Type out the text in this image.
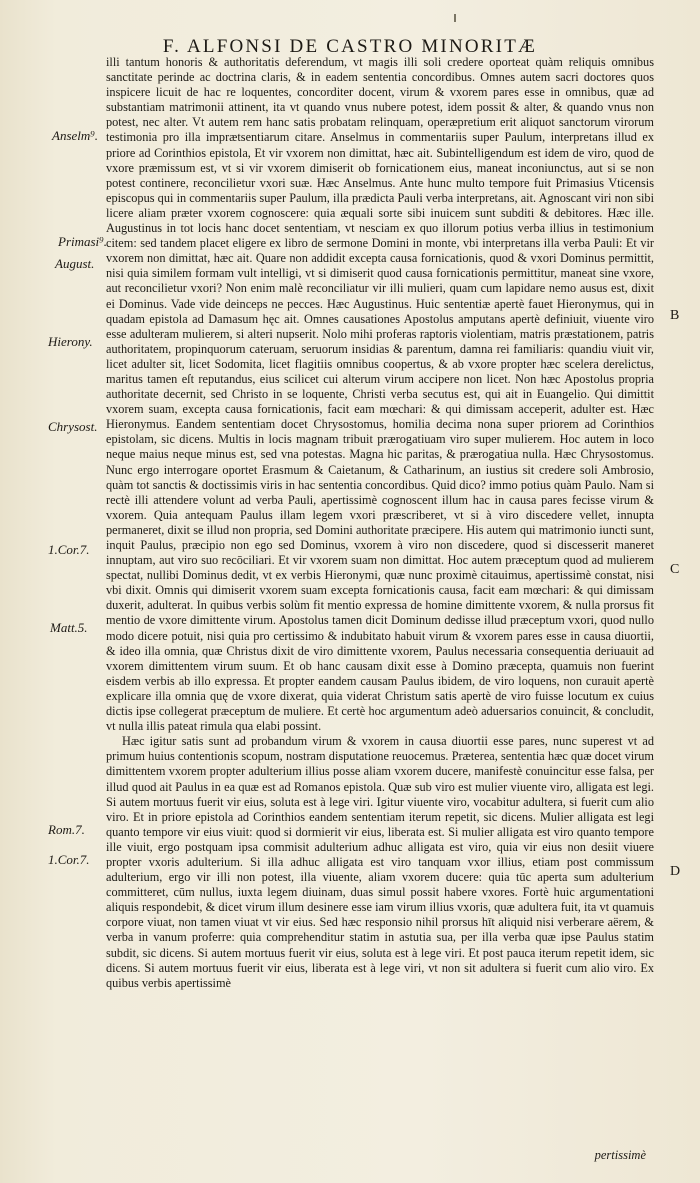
F. ALFONSI DE CASTRO MINORITÆ

illi tantum honoris & authoritatis deferendum, vt magis illi soli credere oporteat quàm reliquis omnibus sanctitate perinde ac doctrina claris, & in eadem sententia concordibus. Omnes autem sacri doctores quos inspicere licuit de hac re loquentes, concorditer docent, virum & vxorem pares esse in omnibus, quæ ad substantiam matrimonii attinent, ita vt quando vnus nubere potest, idem possit & alter, & quando vnus non potest, nec alter. Vt autem rem hanc satis probatam relinquam, operæpretium erit aliquot sanctorum virorum testimonia pro illa imprætsentiarum citare. Anselmus in commentariis super Paulum, interpretans illud ex priore ad Corinthios epistola, Et vir vxorem non dimittat, hæc ait. Subintelligendum est idem de viro, quod de vxore præmissum est, vt si vir vxorem dimiserit ob fornicationem eius, maneat inconiunctus, aut si se non potest continere, reconcilietur vxori suæ. Hæc Anselmus. Ante hunc multo tempore fuit Primasius Vticensis episcopus qui in commentariis super Paulum, illa prædicta Pauli verba interpretans, ait. Agnoscant viri non sibi licere aliam præter vxorem cognoscere: quia æquali sorte sibi inuicem sunt subditi & debitores. Hæc ille. Augustinus in tot locis hanc docet sententiam, vt nesciam ex quo illorum potius verba illius in testimonium citem: sed tandem placet eligere ex libro de sermone Domini in monte, vbi interpretans illa verba Pauli: Et vir vxorem non dimittat, hæc ait. Quare non addidit excepta causa fornicationis, quod & vxori Dominus permittit, nisi quia similem formam vult intelligi, vt si dimiserit quod causa fornicationis permittitur, maneat sine vxore, aut reconcilietur vxori? Non enim malè reconciliatur vir illi mulieri, quam cum lapidare nemo ausus est, dixit ei Dominus. Vade vide deinceps ne pecces. Hæc Augustinus. Huic sententiæ apertè fauet Hieronymus, qui in quadam epistola ad Damasum hęc ait. Omnes causationes Apostolus amputans apertè definiuit, viuente viro esse adulteram mulierem, si alteri nupserit. Nolo mihi proferas raptoris violentiam, matris præstationem, patris authoritatem, propinquorum cateruam, seruorum insidias & parentum, damna rei familiaris: quandiu viuit vir, licet adulter sit, licet Sodomita, licet flagitiis omnibus coopertus, & ab vxore propter hæc scelera derelictus, maritus tamen eſt reputandus, eius scilicet cui alterum virum accipere non licet. Non hæc Apostolus propria authoritate decernit, sed Christo in se loquente, Christi verba secutus est, qui ait in Euangelio. Qui dimittit vxorem suam, excepta causa fornicationis, facit eam mœchari: & qui dimissam acceperit, adulter est. Hæc Hieronymus. Eandem sententiam docet Chrysostomus, homilia decima nona super priorem ad Corinthios epistolam, sic dicens. Multis in locis magnam tribuit prærogatiuam viro super mulierem. Hoc autem in loco neque maius neque minus est, sed vna potestas. Magna hic paritas, & prærogatiua nulla. Hæc Chrysostomus. Nunc ergo interrogare oportet Erasmum & Caietanum, & Catharinum, an iustius sit credere soli Ambrosio, quàm tot sanctis & doctissimis viris in hac sententia concordibus. Quid dico? immo potius quàm Paulo. Nam si rectè illi attendere volunt ad verba Pauli, apertissimè cognoscent illum hac in causa pares fecisse virum & vxorem. Quia antequam Paulus illam legem vxori præscriberet, vt si à viro discedere vellet, innupta permaneret, dixit se illud non propria, sed Domini authoritate præcipere. His autem qui matrimonio iuncti sunt, inquit Paulus, præcipio non ego sed Dominus, vxorem à viro non discedere, quod si discesserit maneret innuptam, aut viro suo recōciliari. Et vir vxorem suam non dimittat. Hoc autem præceptum quod ad mulierem spectat, nullibi Dominus dedit, vt ex verbis Hieronymi, quæ nunc proximè citauimus, apertissimè constat, nisi vbi dixit. Omnis qui dimiserit vxorem suam excepta fornicationis causa, facit eam mœchari: & qui dimissam duxerit, adulterat. In quibus verbis solùm fit mentio expressa de homine dimittente vxorem, & nulla prorsus fit mentio de vxore dimittente virum. Apostolus tamen dicit Dominum dedisse illud præceptum vxori, quod nullo modo dicere potuit, nisi quia pro certissimo & indubitato habuit virum & vxorem pares esse in causa diuortii, & ideo illa omnia, quæ Christus dixit de viro dimittente vxorem, Paulus necessaria consequentia deriuauit ad vxorem dimittentem virum suum. Et ob hanc causam dixit esse à Domino præcepta, quamuis non fuerint eisdem verbis ab illo expressa. Et propter eandem causam Paulus ibidem, de viro loquens, non curauit apertè explicare illa omnia quę de vxore dixerat, quia viderat Christum satis apertè de viro fuisse locutum ex cuius dictis ipse collegerat præceptum de muliere. Et certè hoc argumentum adeò aduersarios conuincit, & concludit, vt nulla illis pateat rimula qua elabi possint.

Hæc igitur satis sunt ad probandum virum & vxorem in causa diuortii esse pares, nunc superest vt ad primum huius contentionis scopum, nostram disputatione reuocemus. Præterea, sententia hæc quæ docet virum dimittentem vxorem propter adulterium illius posse aliam vxorem ducere, manifestè conuincitur esse falsa, per illud quod ait Paulus in ea quæ est ad Romanos epistola. Quæ sub viro est mulier viuente viro, alligata est legi. Si autem mortuus fuerit vir eius, soluta est à lege viri. Igitur viuente viro, vocabitur adultera, si fuerit cum alio viro. Et in priore epistola ad Corinthios eandem sententiam iterum repetit, sic dicens. Mulier alligata est legi quanto tempore vir eius viuit: quod si dormierit vir eius, liberata est. Si mulier alligata est viro quanto tempore ille viuit, ergo postquam ipsa commisit adulterium adhuc alligata est viro, quia vir eius non desiit viuere propter vxoris adulterium. Si illa adhuc alligata est viro tanquam vxor illius, etiam post commissum adulterium, ergo vir illi non potest, illa viuente, aliam vxorem ducere: quia tūc aperta sum adulterium committeret, cūm nullus, iuxta legem diuinam, duas simul possit habere vxores. Fortè huic argumentationi aliquis respondebit, & dicet virum illum desinere esse iam virum illius vxoris, quæ adultera fuit, ita vt quamuis corpore viuat, non tamen viuat vt vir eius. Sed hæc responsio nihil prorsus hīt aliquid nisi verberare aërem, & verba in vanum proferre: quia comprehenditur statim in astutia sua, per illa verba quæ ipse Paulus statim subdit, sic dicens. Si autem mortuus fuerit vir eius, soluta est à lege viri. Et post pauca iterum repetit idem, sic dicens. Si autem mortuus fuerit vir eius, liberata est à lege viri, vt non sit adultera si fuerit cum alio viro. Ex quibus verbis apertissimè

Anselm⁹.
Primasi⁹.
August.
Hierony.
Chrysost.
1.Cor.7.
Matt.5.
Rom.7.
1.Cor.7.
B
C
D
pertissimè
